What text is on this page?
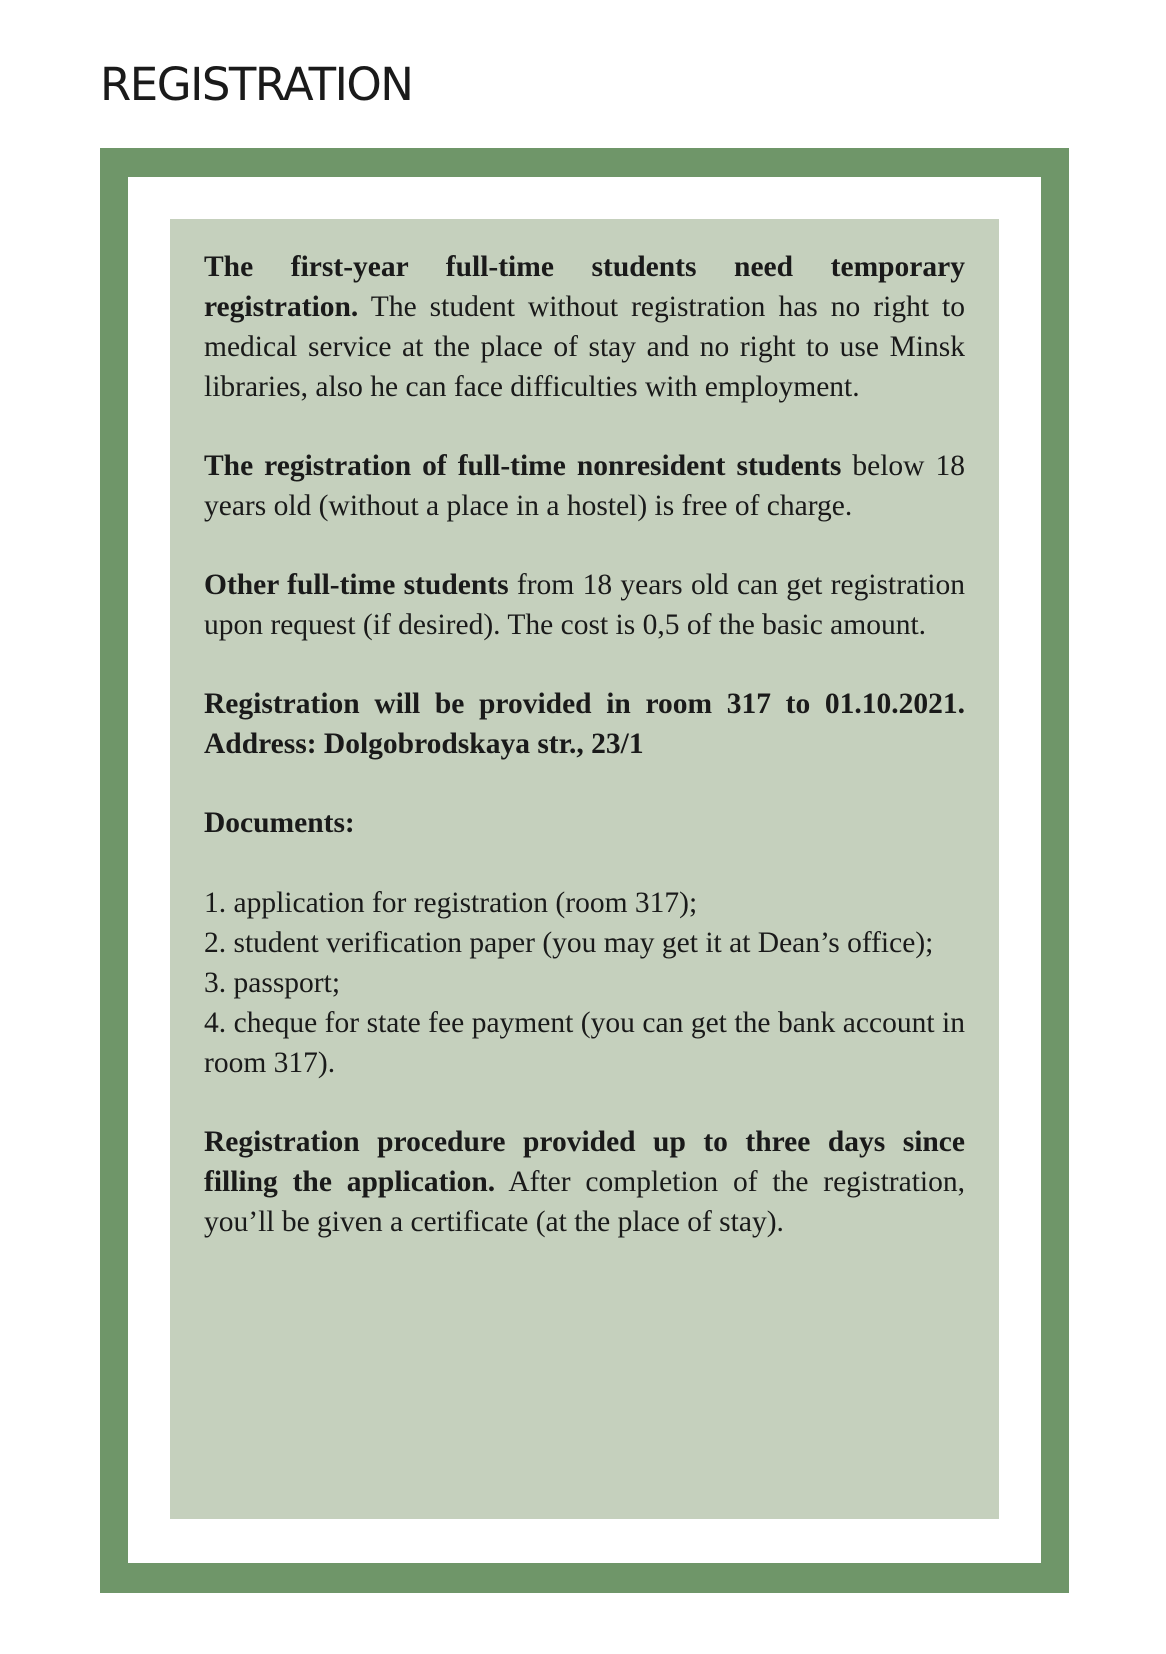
REGISTRATION

The first-year full-time students need temporary registration. The student without registration has no right to medical service at the place of stay and no right to use Minsk libraries, also he can face difficulties with employment.

The registration of full-time nonresident students below 18 years old (without a place in a hostel) is free of charge.

Other full-time students from 18 years old can get registration upon request (if desired). The cost is 0,5 of the basic amount.

Registration will be provided in room 317 to 01.10.2021. Address: Dolgobrodskaya str., 23/1

Documents:

1. application for registration (room 317);
2. student verification paper (you may get it at Dean’s office);
3. passport;
4. cheque for state fee payment (you can get the bank account in room 317).

Registration procedure provided up to three days since filling the application. After completion of the registration, you’ll be given a certificate (at the place of stay).
